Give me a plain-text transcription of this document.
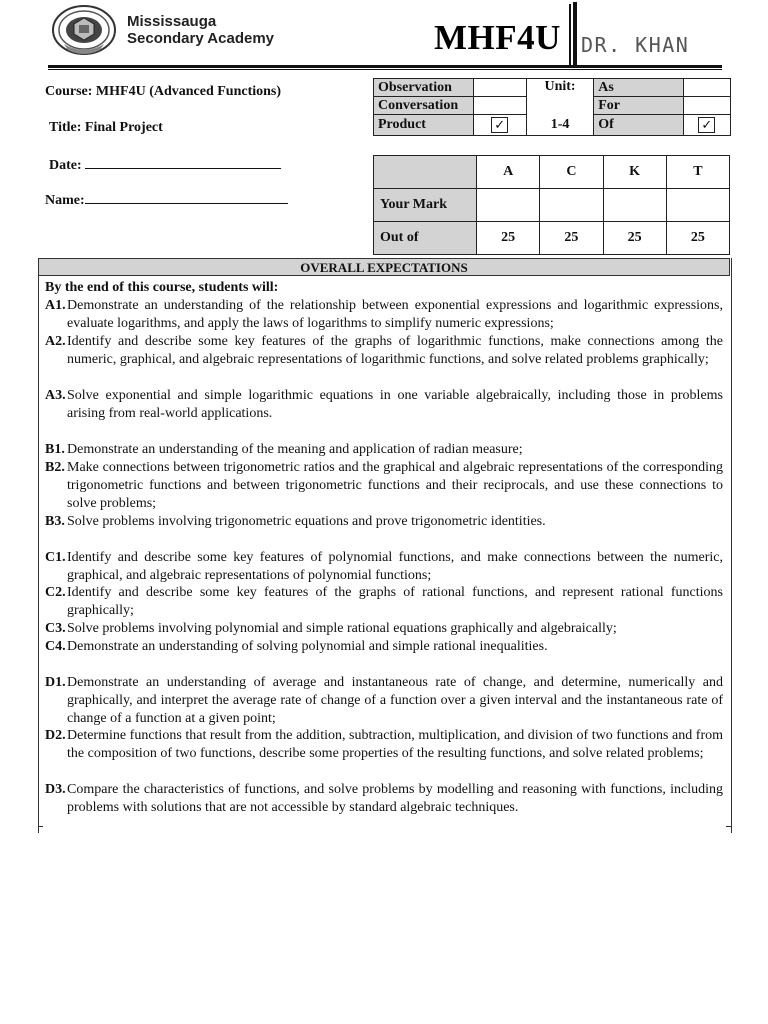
Mississauga
Secondary Academy	MHF4U DR. KHAN
Course: MHF4U (Advanced Functions)
Title: Final Project
Date:
Name:
Observation		Unit:	As	
Conversation			For	
Product	✓	1-4	Of	✓
	A	C	K	T
Your Mark				
Out of	25	25	25	25
OVERALL EXPECTATIONS
By the end of this course, students will:
A1. Demonstrate an understanding of the relationship between exponential expressions and logarithmic expressions, evaluate logarithms, and apply the laws of logarithms to simplify numeric expressions;
A2. Identify and describe some key features of the graphs of logarithmic functions, make connections among the numeric, graphical, and algebraic representations of logarithmic functions, and solve related problems graphically;
A3. Solve exponential and simple logarithmic equations in one variable algebraically, including those in problems arising from real-world applications.
B1. Demonstrate an understanding of the meaning and application of radian measure;
B2. Make connections between trigonometric ratios and the graphical and algebraic representations of the corresponding trigonometric functions and between trigonometric functions and their reciprocals, and use these connections to solve problems;
B3. Solve problems involving trigonometric equations and prove trigonometric identities.
C1. Identify and describe some key features of polynomial functions, and make connections between the numeric, graphical, and algebraic representations of polynomial functions;
C2. Identify and describe some key features of the graphs of rational functions, and represent rational functions graphically;
C3. Solve problems involving polynomial and simple rational equations graphically and algebraically;
C4. Demonstrate an understanding of solving polynomial and simple rational inequalities.
D1. Demonstrate an understanding of average and instantaneous rate of change, and determine, numerically and graphically, and interpret the average rate of change of a function over a given interval and the instantaneous rate of change of a function at a given point;
D2. Determine functions that result from the addition, subtraction, multiplication, and division of two functions and from the composition of two functions, describe some properties of the resulting functions, and solve related problems;
D3. Compare the characteristics of functions, and solve problems by modelling and reasoning with functions, including problems with solutions that are not accessible by standard algebraic techniques.
